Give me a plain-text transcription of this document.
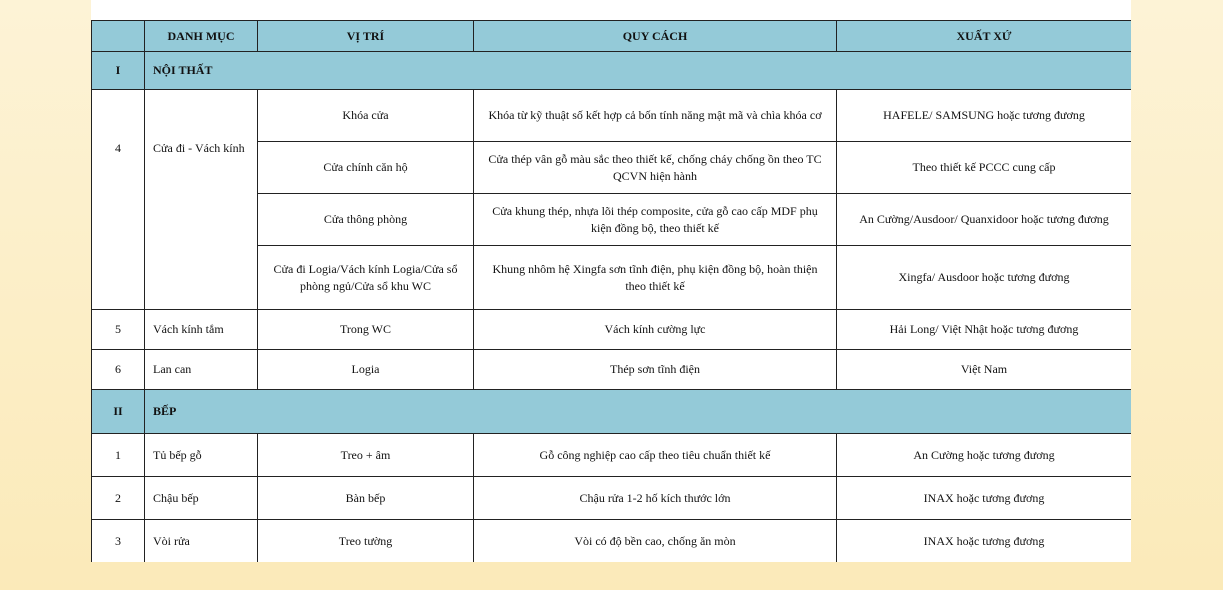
	DANH MỤC	VỊ TRÍ	QUY CÁCH	XUẤT XỨ
I	NỘI THẤT			
4	Cửa đi - Vách kính	Khóa cửa	Khóa từ kỹ thuật số kết hợp cả bốn tính năng mật mã và chìa khóa cơ	HAFELE/ SAMSUNG hoặc tương đương
		Cửa chính căn hộ	Cửa thép vân gỗ màu sắc theo thiết kế, chống cháy chống ồn theo TC QCVN hiện hành	Theo thiết kế PCCC cung cấp
		Cửa thông phòng	Cửa khung thép, nhựa lõi thép composite, cửa gỗ cao cấp MDF phụ kiện đồng bộ, theo thiết kế	An Cường/Ausdoor/ Quanxidoor hoặc tương đương
		Cửa đi Logia/Vách kính Logia/Cửa sổ phòng ngủ/Cửa sổ khu WC	Khung nhôm hệ Xingfa sơn tĩnh điện, phụ kiện đồng bộ, hoàn thiện theo thiết kế	Xingfa/ Ausdoor hoặc tương đương
5	Vách kính tắm	Trong WC	Vách kính cường lực	Hải Long/ Việt Nhật hoặc tương đương
6	Lan can	Logia	Thép sơn tĩnh điện	Việt Nam
II	BẾP			
1	Tủ bếp gỗ	Treo + âm	Gỗ công nghiệp cao cấp theo tiêu chuẩn thiết kế	An Cường hoặc tương đương
2	Chậu bếp	Bàn bếp	Chậu rửa 1-2 hố kích thước lớn	INAX hoặc tương đương
3	Vòi rửa	Treo tường	Vòi có độ bền cao, chống ăn mòn	INAX hoặc tương đương
